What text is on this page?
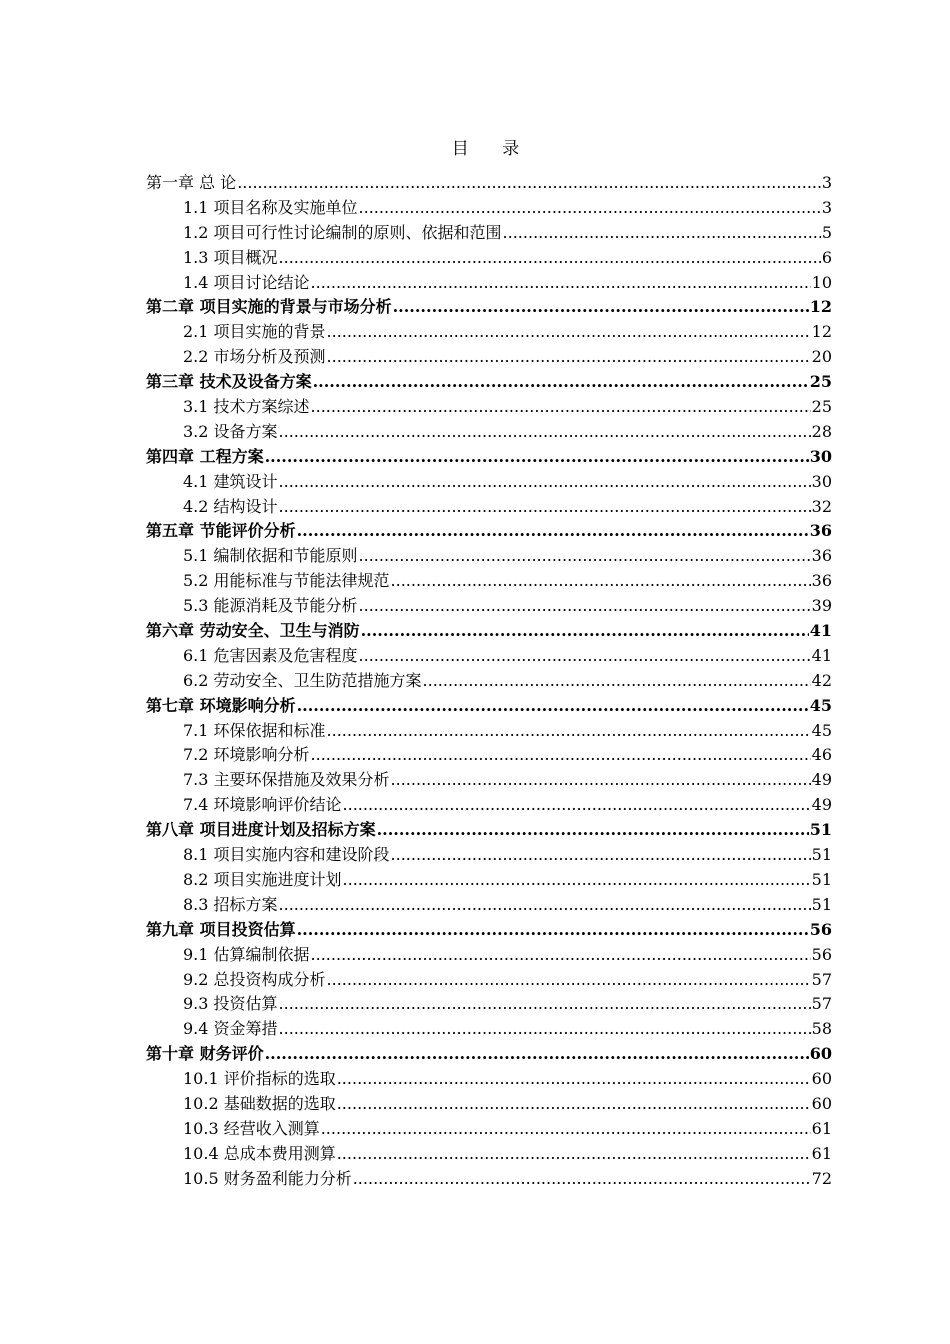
目 录
第一章 总 论 .....	3
1.1 项目名称及实施单位 .....	3
1.2 项目可行性讨论编制的原则、依据和范围 .....	5
1.3 项目概况 .....	6
1.4 项目讨论结论 .....	10
第二章 项目实施的背景与市场分析 .....	12
2.1 项目实施的背景 .....	12
2.2 市场分析及预测 .....	20
第三章 技术及设备方案 .....	25
3.1 技术方案综述 .....	25
3.2 设备方案 .....	28
第四章 工程方案 .....	30
4.1 建筑设计 .....	30
4.2 结构设计 .....	32
第五章 节能评价分析 .....	36
5.1 编制依据和节能原则 .....	36
5.2 用能标准与节能法律规范 .....	36
5.3 能源消耗及节能分析 .....	39
第六章 劳动安全、卫生与消防 .....	41
6.1 危害因素及危害程度 .....	41
6.2 劳动安全、卫生防范措施方案 .....	42
第七章 环境影响分析 .....	45
7.1 环保依据和标准 .....	45
7.2 环境影响分析 .....	46
7.3 主要环保措施及效果分析 .....	49
7.4 环境影响评价结论 .....	49
第八章 项目进度计划及招标方案 .....	51
8.1 项目实施内容和建设阶段 .....	51
8.2 项目实施进度计划 .....	51
8.3 招标方案 .....	51
第九章 项目投资估算 .....	56
9.1 估算编制依据 .....	56
9.2 总投资构成分析 .....	57
9.3 投资估算 .....	57
9.4 资金筹措 .....	58
第十章 财务评价 .....	60
10.1 评价指标的选取 .....	60
10.2 基础数据的选取 .....	60
10.3 经营收入测算 .....	61
10.4 总成本费用测算 .....	61
10.5 财务盈利能力分析 .....	72
